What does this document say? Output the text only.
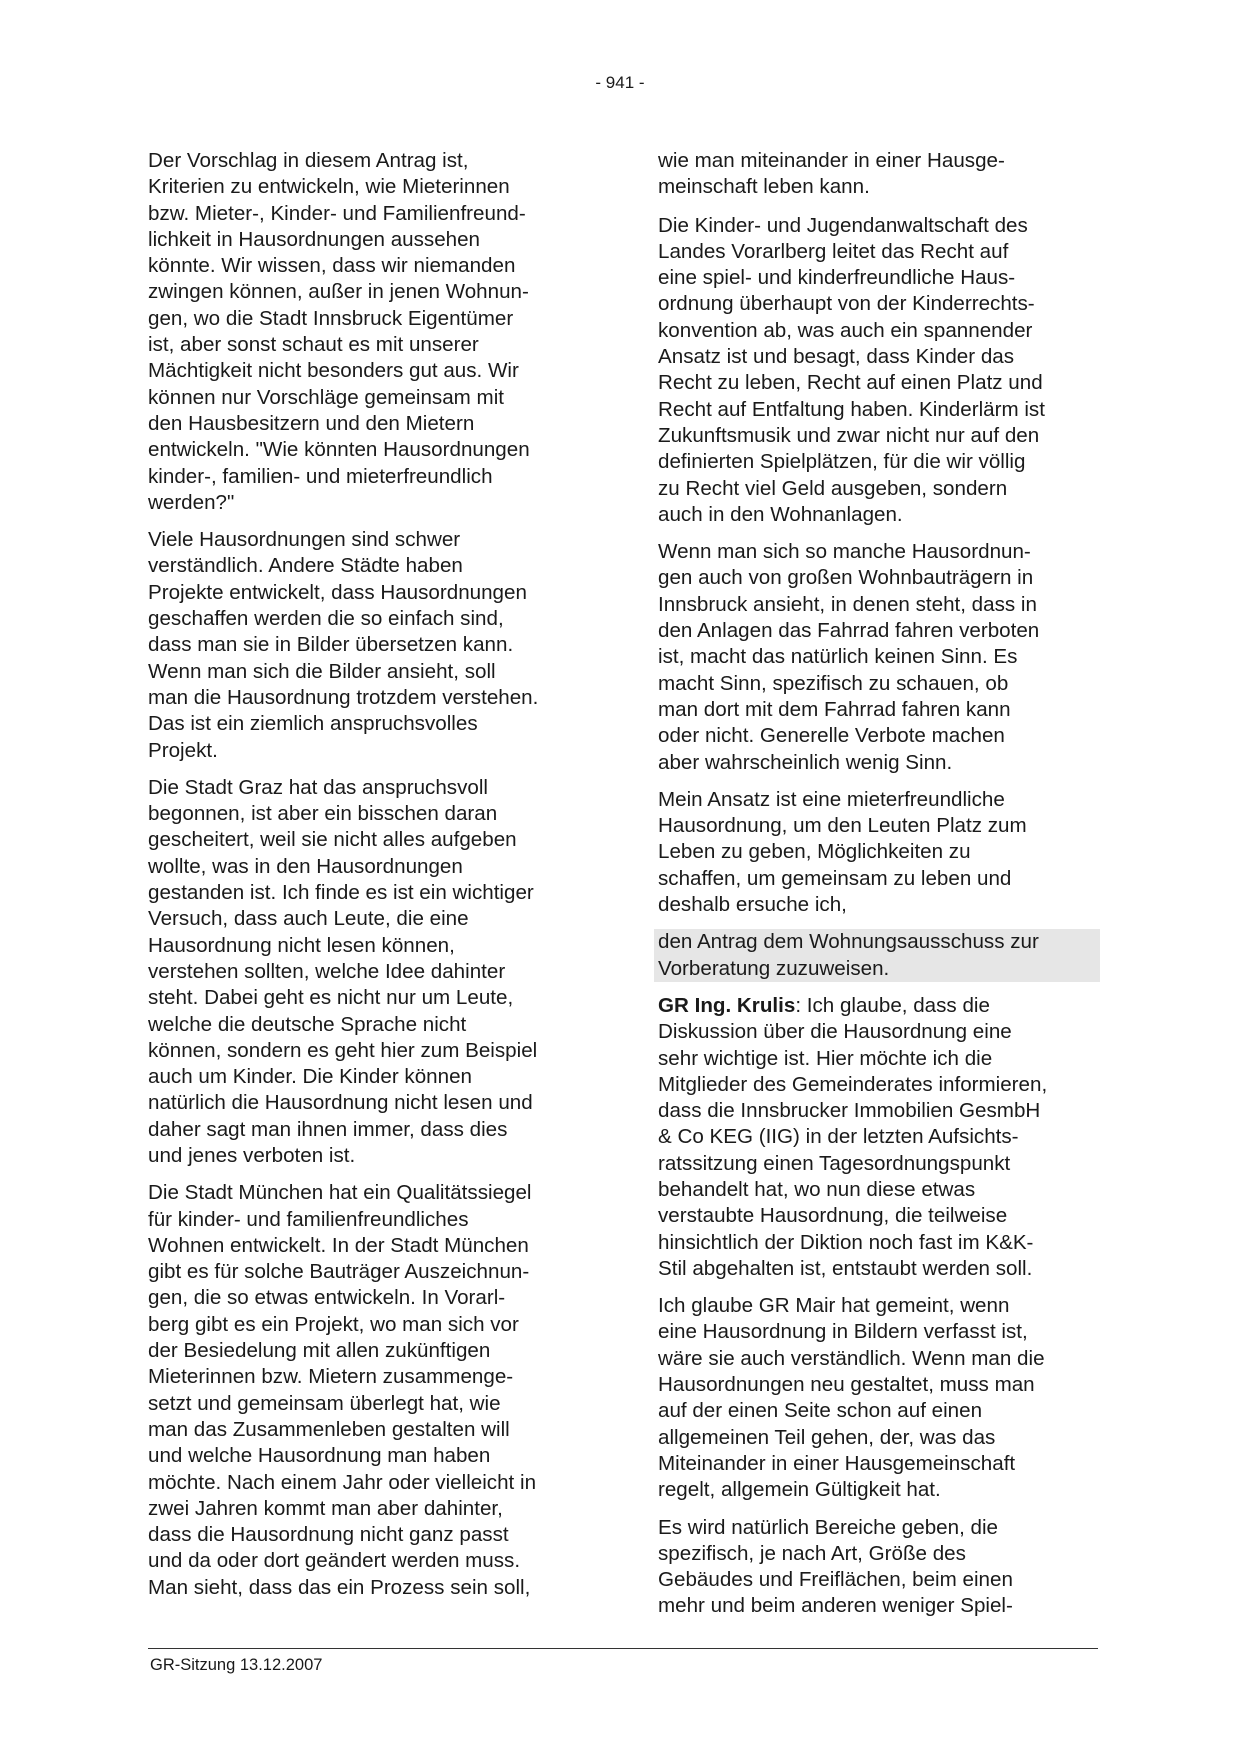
- 941 -

Der Vorschlag in diesem Antrag ist,
Kriterien zu entwickeln, wie Mieterinnen
bzw. Mieter-, Kinder- und Familienfreund-
lichkeit in Hausordnungen aussehen
könnte. Wir wissen, dass wir niemanden
zwingen können, außer in jenen Wohnun-
gen, wo die Stadt Innsbruck Eigentümer
ist, aber sonst schaut es mit unserer
Mächtigkeit nicht besonders gut aus. Wir
können nur Vorschläge gemeinsam mit
den Hausbesitzern und den Mietern
entwickeln. "Wie könnten Hausordnungen
kinder-, familien- und mieterfreundlich
werden?"

Viele Hausordnungen sind schwer
verständlich. Andere Städte haben
Projekte entwickelt, dass Hausordnungen
geschaffen werden die so einfach sind,
dass man sie in Bilder übersetzen kann.
Wenn man sich die Bilder ansieht, soll
man die Hausordnung trotzdem verstehen.
Das ist ein ziemlich anspruchsvolles
Projekt.

Die Stadt Graz hat das anspruchsvoll
begonnen, ist aber ein bisschen daran
gescheitert, weil sie nicht alles aufgeben
wollte, was in den Hausordnungen
gestanden ist. Ich finde es ist ein wichtiger
Versuch, dass auch Leute, die eine
Hausordnung nicht lesen können,
verstehen sollten, welche Idee dahinter
steht. Dabei geht es nicht nur um Leute,
welche die deutsche Sprache nicht
können, sondern es geht hier zum Beispiel
auch um Kinder. Die Kinder können
natürlich die Hausordnung nicht lesen und
daher sagt man ihnen immer, dass dies
und jenes verboten ist.

Die Stadt München hat ein Qualitätssiegel
für kinder- und familienfreundliches
Wohnen entwickelt. In der Stadt München
gibt es für solche Bauträger Auszeichnun-
gen, die so etwas entwickeln. In Vorarl-
berg gibt es ein Projekt, wo man sich vor
der Besiedelung mit allen zukünftigen
Mieterinnen bzw. Mietern zusammenge-
setzt und gemeinsam überlegt hat, wie
man das Zusammenleben gestalten will
und welche Hausordnung man haben
möchte. Nach einem Jahr oder vielleicht in
zwei Jahren kommt man aber dahinter,
dass die Hausordnung nicht ganz passt
und da oder dort geändert werden muss.
Man sieht, dass das ein Prozess sein soll,

wie man miteinander in einer Hausge-
meinschaft leben kann.

Die Kinder- und Jugendanwaltschaft des
Landes Vorarlberg leitet das Recht auf
eine spiel- und kinderfreundliche Haus-
ordnung überhaupt von der Kinderrechts-
konvention ab, was auch ein spannender
Ansatz ist und besagt, dass Kinder das
Recht zu leben, Recht auf einen Platz und
Recht auf Entfaltung haben. Kinderlärm ist
Zukunftsmusik und zwar nicht nur auf den
definierten Spielplätzen, für die wir völlig
zu Recht viel Geld ausgeben, sondern
auch in den Wohnanlagen.

Wenn man sich so manche Hausordnun-
gen auch von großen Wohnbauträgern in
Innsbruck ansieht, in denen steht, dass in
den Anlagen das Fahrrad fahren verboten
ist, macht das natürlich keinen Sinn. Es
macht Sinn, spezifisch zu schauen, ob
man dort mit dem Fahrrad fahren kann
oder nicht. Generelle Verbote machen
aber wahrscheinlich wenig Sinn.

Mein Ansatz ist eine mieterfreundliche
Hausordnung, um den Leuten Platz zum
Leben zu geben, Möglichkeiten zu
schaffen, um gemeinsam zu leben und
deshalb ersuche ich,

den Antrag dem Wohnungsausschuss zur
Vorberatung zuzuweisen.

GR Ing. Krulis: Ich glaube, dass die
Diskussion über die Hausordnung eine
sehr wichtige ist. Hier möchte ich die
Mitglieder des Gemeinderates informieren,
dass die Innsbrucker Immobilien GesmbH
& Co KEG (IIG) in der letzten Aufsichts-
ratssitzung einen Tagesordnungspunkt
behandelt hat, wo nun diese etwas
verstaubte Hausordnung, die teilweise
hinsichtlich der Diktion noch fast im K&K-
Stil abgehalten ist, entstaubt werden soll.

Ich glaube GR Mair hat gemeint, wenn
eine Hausordnung in Bildern verfasst ist,
wäre sie auch verständlich. Wenn man die
Hausordnungen neu gestaltet, muss man
auf der einen Seite schon auf einen
allgemeinen Teil gehen, der, was das
Miteinander in einer Hausgemeinschaft
regelt, allgemein Gültigkeit hat.

Es wird natürlich Bereiche geben, die
spezifisch, je nach Art, Größe des
Gebäudes und Freiflächen, beim einen
mehr und beim anderen weniger Spiel-

GR-Sitzung 13.12.2007
